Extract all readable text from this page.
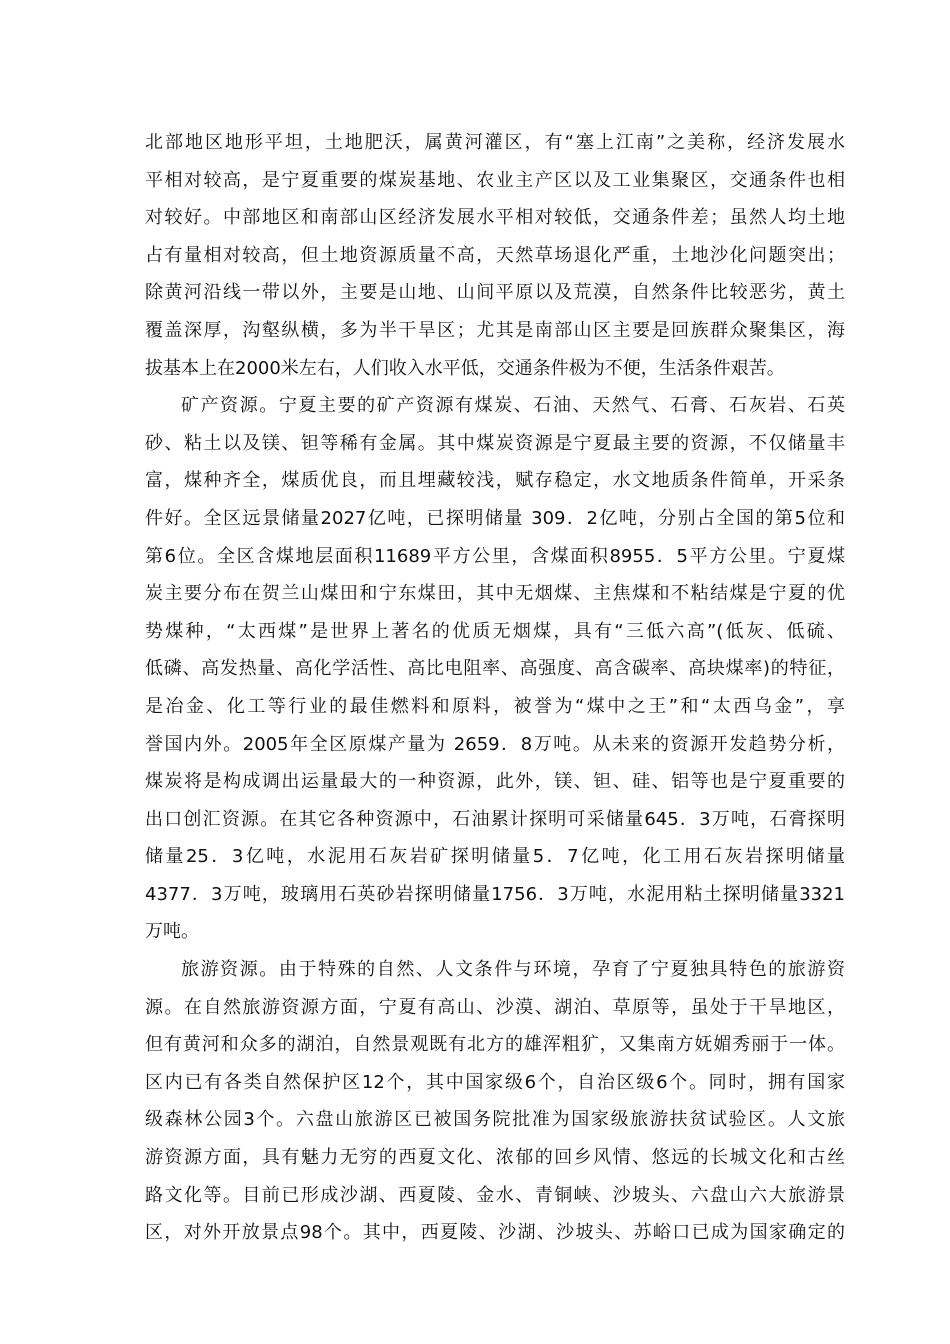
北部地区地形平坦，土地肥沃，属黄河灌区，有“塞上江南”之美称，经济发展水
平相对较高，是宁夏重要的煤炭基地、农业主产区以及工业集聚区，交通条件也相
对较好。中部地区和南部山区经济发展水平相对较低，交通条件差；虽然人均土地
占有量相对较高，但土地资源质量不高，天然草场退化严重，土地沙化问题突出；
除黄河沿线一带以外，主要是山地、山间平原以及荒漠，自然条件比较恶劣，黄土
覆盖深厚，沟壑纵横，多为半干旱区；尤其是南部山区主要是回族群众聚集区，海
拔基本上在2000米左右，人们收入水平低，交通条件极为不便，生活条件艰苦。
矿产资源。宁夏主要的矿产资源有煤炭、石油、天然气、石膏、石灰岩、石英
砂、粘土以及镁、钽等稀有金属。其中煤炭资源是宁夏最主要的资源，不仅储量丰
富，煤种齐全，煤质优良，而且埋藏较浅，赋存稳定，水文地质条件简单，开采条
件好。全区远景储量2027亿吨，已探明储量 309．2亿吨，分别占全国的第5位和
第6位。全区含煤地层面积11689平方公里，含煤面积8955．5平方公里。宁夏煤
炭主要分布在贺兰山煤田和宁东煤田，其中无烟煤、主焦煤和不粘结煤是宁夏的优
势煤种，“太西煤”是世界上著名的优质无烟煤，具有“三低六高”(低灰、低硫、
低磷、高发热量、高化学活性、高比电阻率、高强度、高含碳率、高块煤率)的特征，
是冶金、化工等行业的最佳燃料和原料，被誉为“煤中之王”和“太西乌金”，享
誉国内外。2005年全区原煤产量为 2659．8万吨。从未来的资源开发趋势分析，
煤炭将是构成调出运量最大的一种资源，此外，镁、钽、硅、铝等也是宁夏重要的
出口创汇资源。在其它各种资源中，石油累计探明可采储量645．3万吨，石膏探明
储量25．3亿吨，水泥用石灰岩矿探明储量5．7亿吨，化工用石灰岩探明储量
4377．3万吨，玻璃用石英砂岩探明储量1756．3万吨，水泥用粘土探明储量3321
万吨。
旅游资源。由于特殊的自然、人文条件与环境，孕育了宁夏独具特色的旅游资
源。在自然旅游资源方面，宁夏有高山、沙漠、湖泊、草原等，虽处于干旱地区，
但有黄河和众多的湖泊，自然景观既有北方的雄浑粗犷，又集南方妩媚秀丽于一体。
区内已有各类自然保护区12个，其中国家级6个，自治区级6个。同时，拥有国家
级森林公园3个。六盘山旅游区已被国务院批准为国家级旅游扶贫试验区。人文旅
游资源方面，具有魅力无穷的西夏文化、浓郁的回乡风情、悠远的长城文化和古丝
路文化等。目前已形成沙湖、西夏陵、金水、青铜峡、沙坡头、六盘山六大旅游景
区，对外开放景点98个。其中，西夏陵、沙湖、沙坡头、苏峪口已成为国家确定的
